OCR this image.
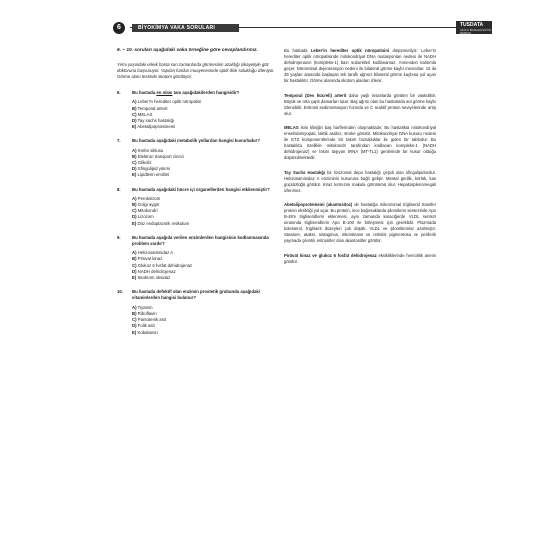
6	BİYOKİMYA VAKA SORULARI	TUSDATA
SAĞLIK BİLİMLERİ EĞİTİM MERKEZİ

6. – 10. soruları aşağıdaki vaka örneğine göre cevaplandırınız.

Yirmi yaşındaki erkek hasta son zamanlarda görmesinin azaldığı şikayetiyle göz doktoruna başvuruyor. Yapılan fundus muayenesinde optik disk solukluğu izleniyor. Görme alanı testinde skotom görülüyor.

6.	Bu hastada en olası tanı aşağıdakilerden hangisidir?

A) Leber'in herediter optik nöropatisi

B) Temporal arterit

C) MELAS

D) Tay sachs hastalığı

E) Abetalipoproteinemi

7.	Bu hastada aşağıdaki metabolik yollardan hangisi kusurludur?

A) Krebs siklusu

B) Elektron transport zinciri

C) Glikoliz

D) Sfingolipid yıkımı

E) Lipidlerin emilimi

8.	Bu hastada aşağıdaki hücre içi organellerden hangisi etkilenmiştir?

A) Peroksizom

B) Golgi aygıtı

C) Mitokondri

D) Lizozom

E) Düz endoplazmik retikulum

9.	Bu hastada aşağıda verilen enzimlerden hangisinin kodlanmasında problem vardır?

A) Hekzosaminidaz A

B) Pirüvat kinaz

C) Glukoz 6 fosfat dehidrojenaz

D) NADH dehidrojenaz

E) Sitokrom oksidaz

10. Bu hastada defektif olan enzimin prostetik grubunda aşağıdaki vitaminlerden hangisi bulunur?

A) Tiyamin

B) Riboflavin

C) Pantotenik asit

D) Folik asit

E) Kobalamin

Bu hastada Leber'in herediter optik nöropatisini düşünmeliyiz: Leber'in herediter optik nöropatisinde mitokondriyal DNA mutasyonları nedeni ile NADH dehidrojenazın (kompleks-1) bazı subunitleri kodlanamaz. Annenden kalıtımla geçer. Nöroretinal dejenerasyon nedeni ile bilateral görme kaybı mevcuttur. 15 ila 35 yaşları arasında başlayan tek taraflı ağrısız bilateral görme kaybına yol açan bir hastalıktır. Görme alanında skotom alanları izlenir.

Temporal (Dev hücreli) arterit daha yaşlı insanlarda görülen bir vaskülittir. Büyük ve orta çaplı damarları tutar. Baş ağrısı olan bu hastalarda ani görme kaybı izlenebilir. Eritrosit sedimentasyon hızında ve C reaktif protein seviyelerinde artış olur.

MELAS ismi kliniğin baş harflerinden oluşmaktadır. Bu hastalıkta mitokondriyal ensefalomiyopati, laktik asidoz, strokе görülür. Mitokondriyal DNA kusuru nedeni ile ETZ komponentlerinde bir takım bozukluklar ile giden bir tablodur. Bu hastalıkta özellikle mitokondri tarafından kodlanan kompleks-1 (NADH dehidrojenaz) ve lösini taşıyan tRNA (MT-TL1) genlerinde bir kusur olduğu düşünülmektedir.

Tay Sachs Hastalığı bir lizozomal depo hastalığı çeşidi olan sfingolipidozdur. Hekzosaminidaz A enziminin kusuruna bağlı gelişir. Mental gerilik, körlük, kas güçsüzlüğü görülür. Kiraz kırmızısı makula görünümü olur. Hepatosplenomegali izlenmez.

Abetalipoproteinemi (akantositoz) de hastalığa mikrozomal trigliserid transfer protein eksikliği yol açar. Bu protein, ince bağırsaklarda şilomikron sentezinde Apo B-48'e trigliseridlerin eklenmesi, aynı zamanda karaciğerde VLDL sentezi sırasında trigliseridlerin Apo B-100 ile birleşmesi için gereklidir. Plazmada kolesterol, trigliserit düzeyleri çok düşük, VLDL ve şilomikronlar azalmıştır. Steatore, ataksi, nistagmus, inkontinans ve retinitis pigmentosa ve periferik yaymada çıkıntılı eritrositler olan akantositler görülür.

Pirüvat kinaz ve glukoz 6 fosfat dehidrojenaz eksikliklerinde hemolitik anemi görülür.
